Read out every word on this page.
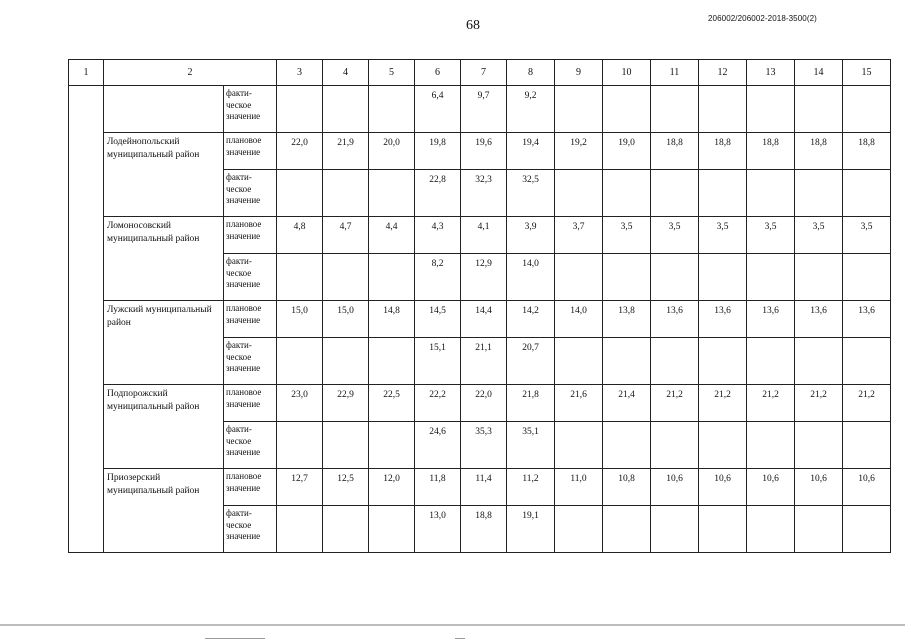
68	206002/206002-2018-3500(2)
1	2		3	4	5	6	7	8	9	10	11	12	13	14	15
		факти-
ческое
значение				6,4	9,7	9,2							
	Лодейнопольский муниципальный район	плановое значение	22,0	21,9	20,0	19,8	19,6	19,4	19,2	19,0	18,8	18,8	18,8	18,8	18,8
		факти-
ческое
значение				22,8	32,3	32,5							
	Ломоносовский муниципальный район	плановое значение	4,8	4,7	4,4	4,3	4,1	3,9	3,7	3,5	3,5	3,5	3,5	3,5	3,5
		факти-
ческое
значение				8,2	12,9	14,0							
	Лужский муниципальный район	плановое значение	15,0	15,0	14,8	14,5	14,4	14,2	14,0	13,8	13,6	13,6	13,6	13,6	13,6
		факти-
ческое
значение				15,1	21,1	20,7							
	Подпорожский муниципальный район	плановое значение	23,0	22,9	22,5	22,2	22,0	21,8	21,6	21,4	21,2	21,2	21,2	21,2	21,2
		факти-
ческое
значение				24,6	35,3	35,1							
	Приозерский муниципальный район	плановое значение	12,7	12,5	12,0	11,8	11,4	11,2	11,0	10,8	10,6	10,6	10,6	10,6	10,6
		факти-
ческое
значение				13,0	18,8	19,1							
